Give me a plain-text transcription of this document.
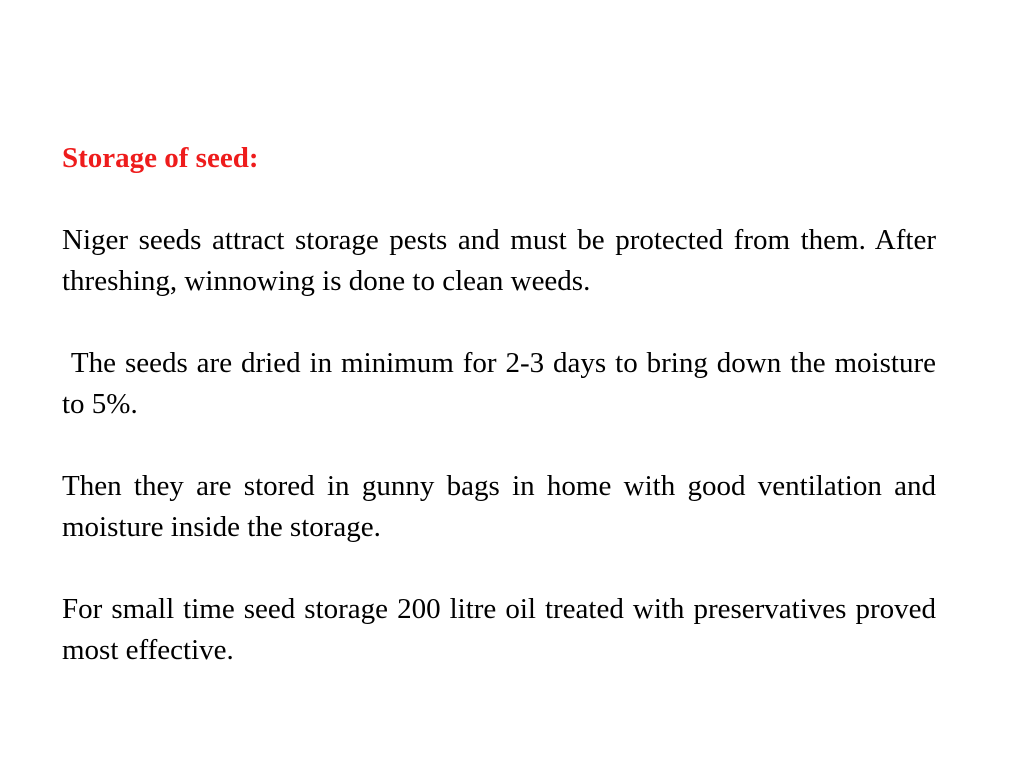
Storage of seed:

Niger seeds attract storage pests and must be protected from them. After threshing, winnowing is done to clean weeds.

The seeds are dried in minimum for 2-3 days to bring down the moisture to 5%.

Then they are stored in gunny bags in home with good ventilation and moisture inside the storage.

For small time seed storage 200 litre oil treated with preservatives proved most effective.
